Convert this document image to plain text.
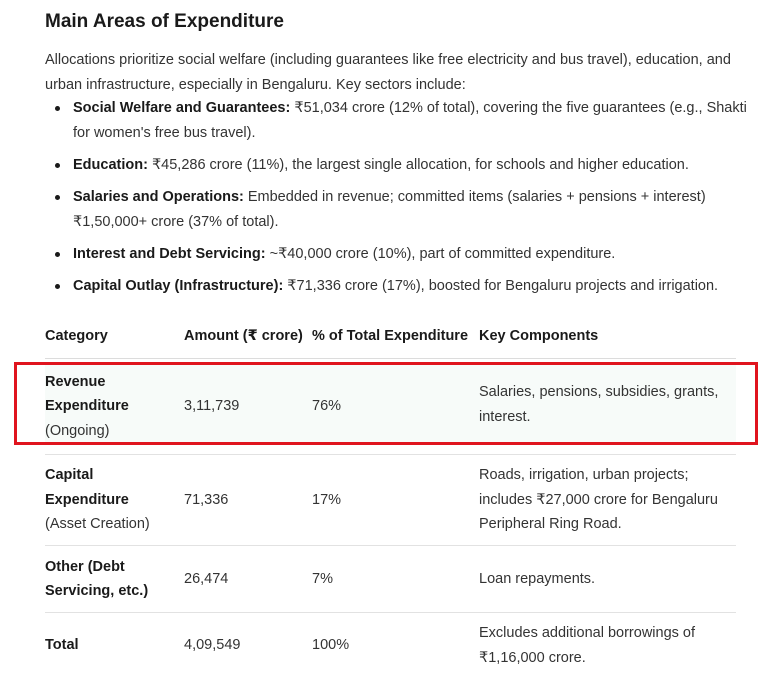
Main Areas of Expenditure
Allocations prioritize social welfare (including guarantees like free electricity and bus travel), education, and urban infrastructure, especially in Bengaluru. Key sectors include:
Social Welfare and Guarantees: ₹51,034 crore (12% of total), covering the five guarantees (e.g., Shakti for women's free bus travel).
Education: ₹45,286 crore (11%), the largest single allocation, for schools and higher education.
Salaries and Operations: Embedded in revenue; committed items (salaries + pensions + interest) ₹1,50,000+ crore (37% of total).
Interest and Debt Servicing: ~₹40,000 crore (10%), part of committed expenditure.
Capital Outlay (Infrastructure): ₹71,336 crore (17%), boosted for Bengaluru projects and irrigation.
Category	Amount (₹ crore)	% of Total Expenditure	Key Components

Revenue Expenditure
(Ongoing)	3,11,739	76%	Salaries, pensions, subsidies, grants, interest.

Capital Expenditure
(Asset Creation)	71,336	17%	Roads, irrigation, urban projects; includes ₹27,000 crore for Bengaluru Peripheral Ring Road.

Other (Debt Servicing, etc.)	26,474	7%	Loan repayments.
Total	4,09,549	100%	Excludes additional borrowings of ₹1,16,000 crore.
